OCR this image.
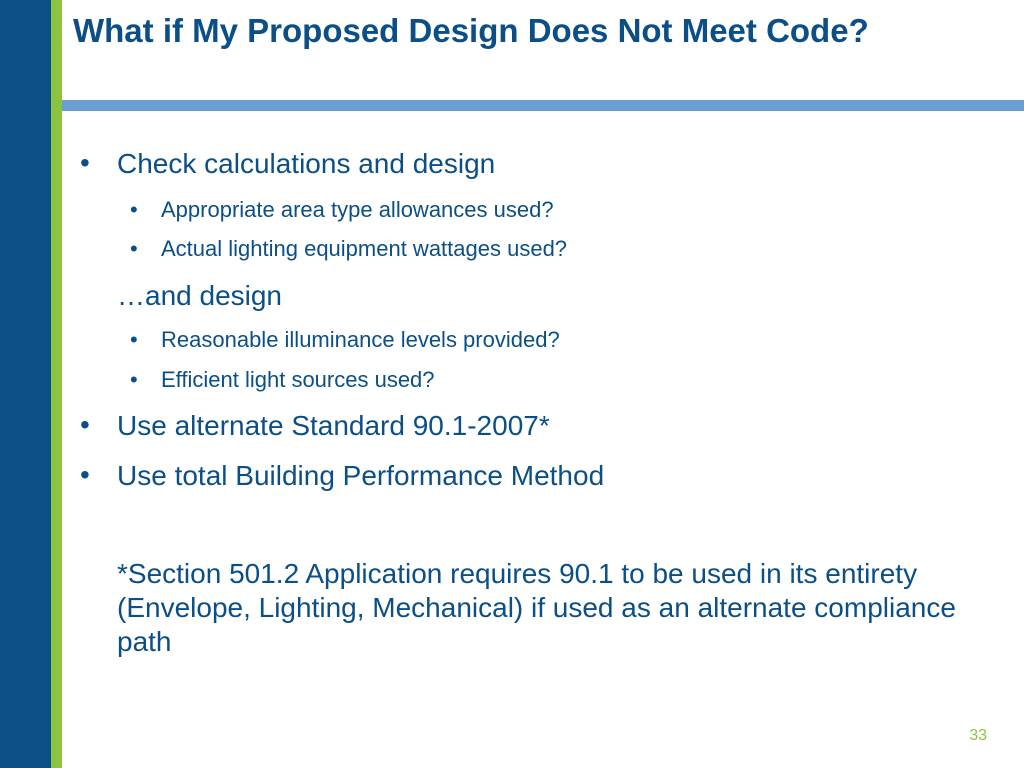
What if My Proposed Design Does Not Meet Code?
• Check calculations and design
• Appropriate area type allowances used?
• Actual lighting equipment wattages used?
…and design
• Reasonable illuminance levels provided?
• Efficient light sources used?
• Use alternate Standard 90.1-2007*
• Use total Building Performance Method

*Section 501.2 Application requires 90.1 to be used in its entirety (Envelope, Lighting, Mechanical) if used as an alternate compliance path

33
